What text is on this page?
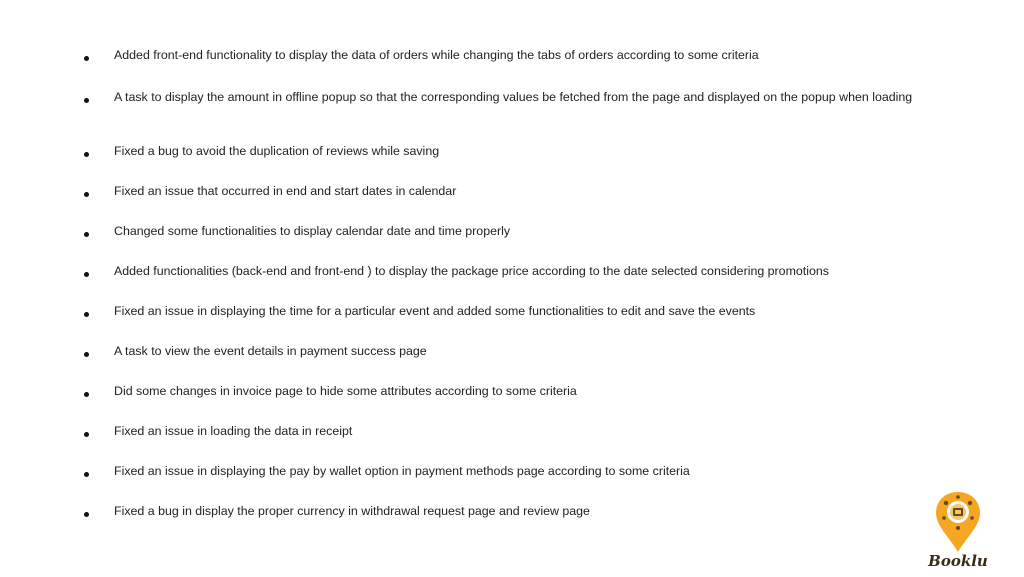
Added front-end functionality to display the data of orders while changing the tabs of orders according to some criteria
A task to display the amount in offline popup so that the corresponding values be fetched from the page and displayed on the popup when loading
Fixed a bug to avoid the duplication of reviews while saving
Fixed an issue that occurred in end and start dates in calendar
Changed some functionalities to display calendar date and time properly
Added functionalities (back-end and front-end ) to display the package price according to the date selected considering promotions
Fixed an issue in displaying the time for a particular event and added some functionalities to edit and save the events
A task to view the event details in payment success page
Did some changes in invoice page to hide some attributes according to some criteria
Fixed an issue in loading the data in receipt
Fixed an issue in displaying the pay by wallet option in payment methods page according to some criteria
Fixed a bug in display the proper currency in withdrawal request page and review page
Booklu
